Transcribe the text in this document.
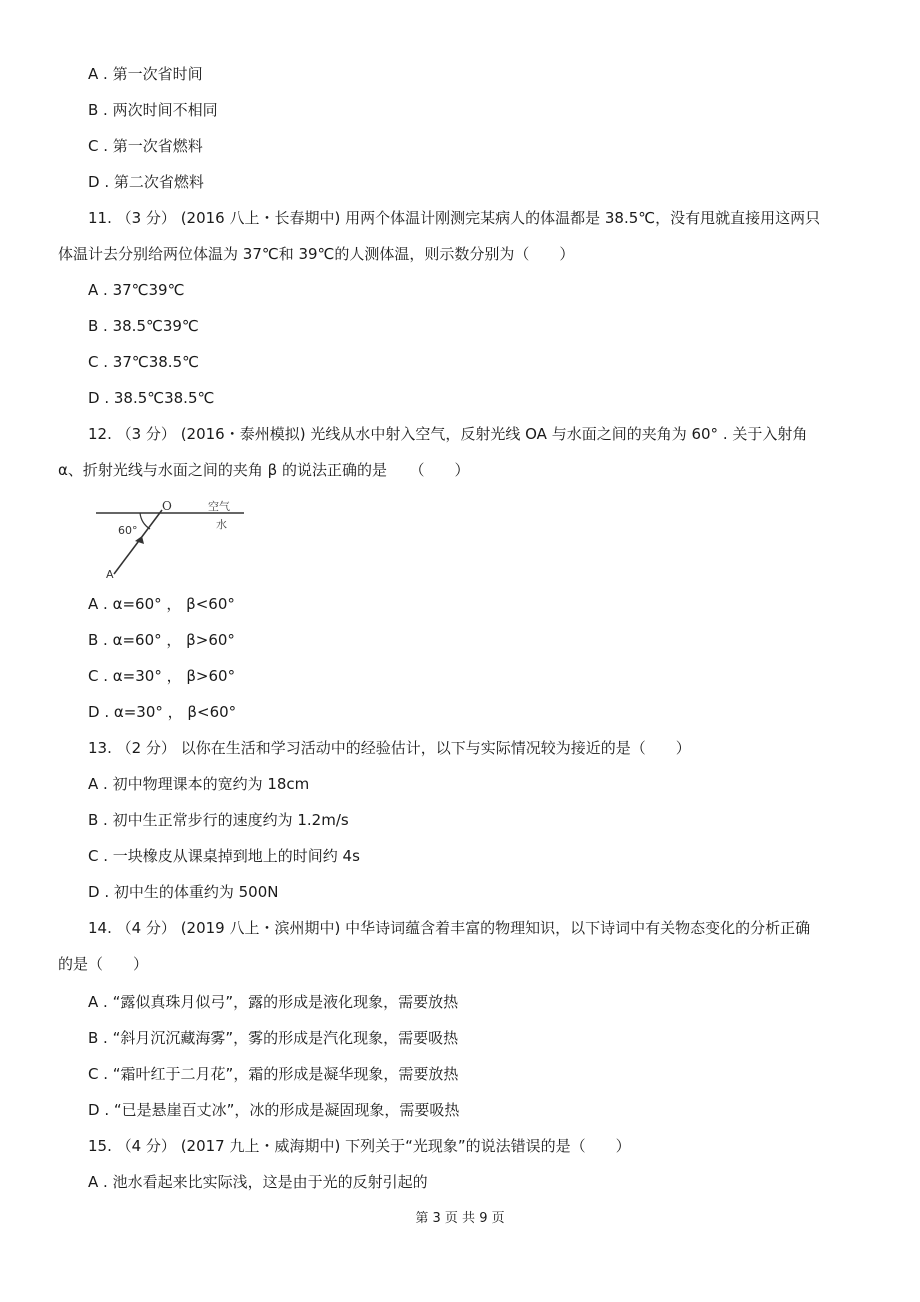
A . 第一次省时间
B . 两次时间不相同
C . 第一次省燃料
D . 第二次省燃料
11. （3 分） (2016 八上・长春期中) 用两个体温计刚测完某病人的体温都是 38.5℃，没有甩就直接用这两只
体温计去分别给两位体温为 37℃和 39℃的人测体温，则示数分别为（　　）
A . 37℃39℃
B . 38.5℃39℃
C . 37℃38.5℃
D . 38.5℃38.5℃
12. （3 分） (2016・泰州模拟) 光线从水中射入空气，反射光线 OA 与水面之间的夹角为 60° . 关于入射角
α、折射光线与水面之间的夹角 β 的说法正确的是　　（　　）
O	空气
水
60°
A
A . α=60° ， β<60°
B . α=60° ， β>60°
C . α=30° ， β>60°
D . α=30° ， β<60°
13. （2 分） 以你在生活和学习活动中的经验估计，以下与实际情况较为接近的是（　　）
A . 初中物理课本的宽约为 18cm
B . 初中生正常步行的速度约为 1.2m/s
C . 一块橡皮从课桌掉到地上的时间约 4s
D . 初中生的体重约为 500N
14. （4 分） (2019 八上・滨州期中) 中华诗词蕴含着丰富的物理知识，以下诗词中有关物态变化的分析正确
的是（　　）
A . “露似真珠月似弓”，露的形成是液化现象，需要放热
B . “斜月沉沉藏海雾”，雾的形成是汽化现象，需要吸热
C . “霜叶红于二月花”，霜的形成是凝华现象，需要放热
D . “已是悬崖百丈冰”，冰的形成是凝固现象，需要吸热
15. （4 分） (2017 九上・威海期中) 下列关于“光现象”的说法错误的是（　　）
A . 池水看起来比实际浅，这是由于光的反射引起的
第 3 页 共 9 页
